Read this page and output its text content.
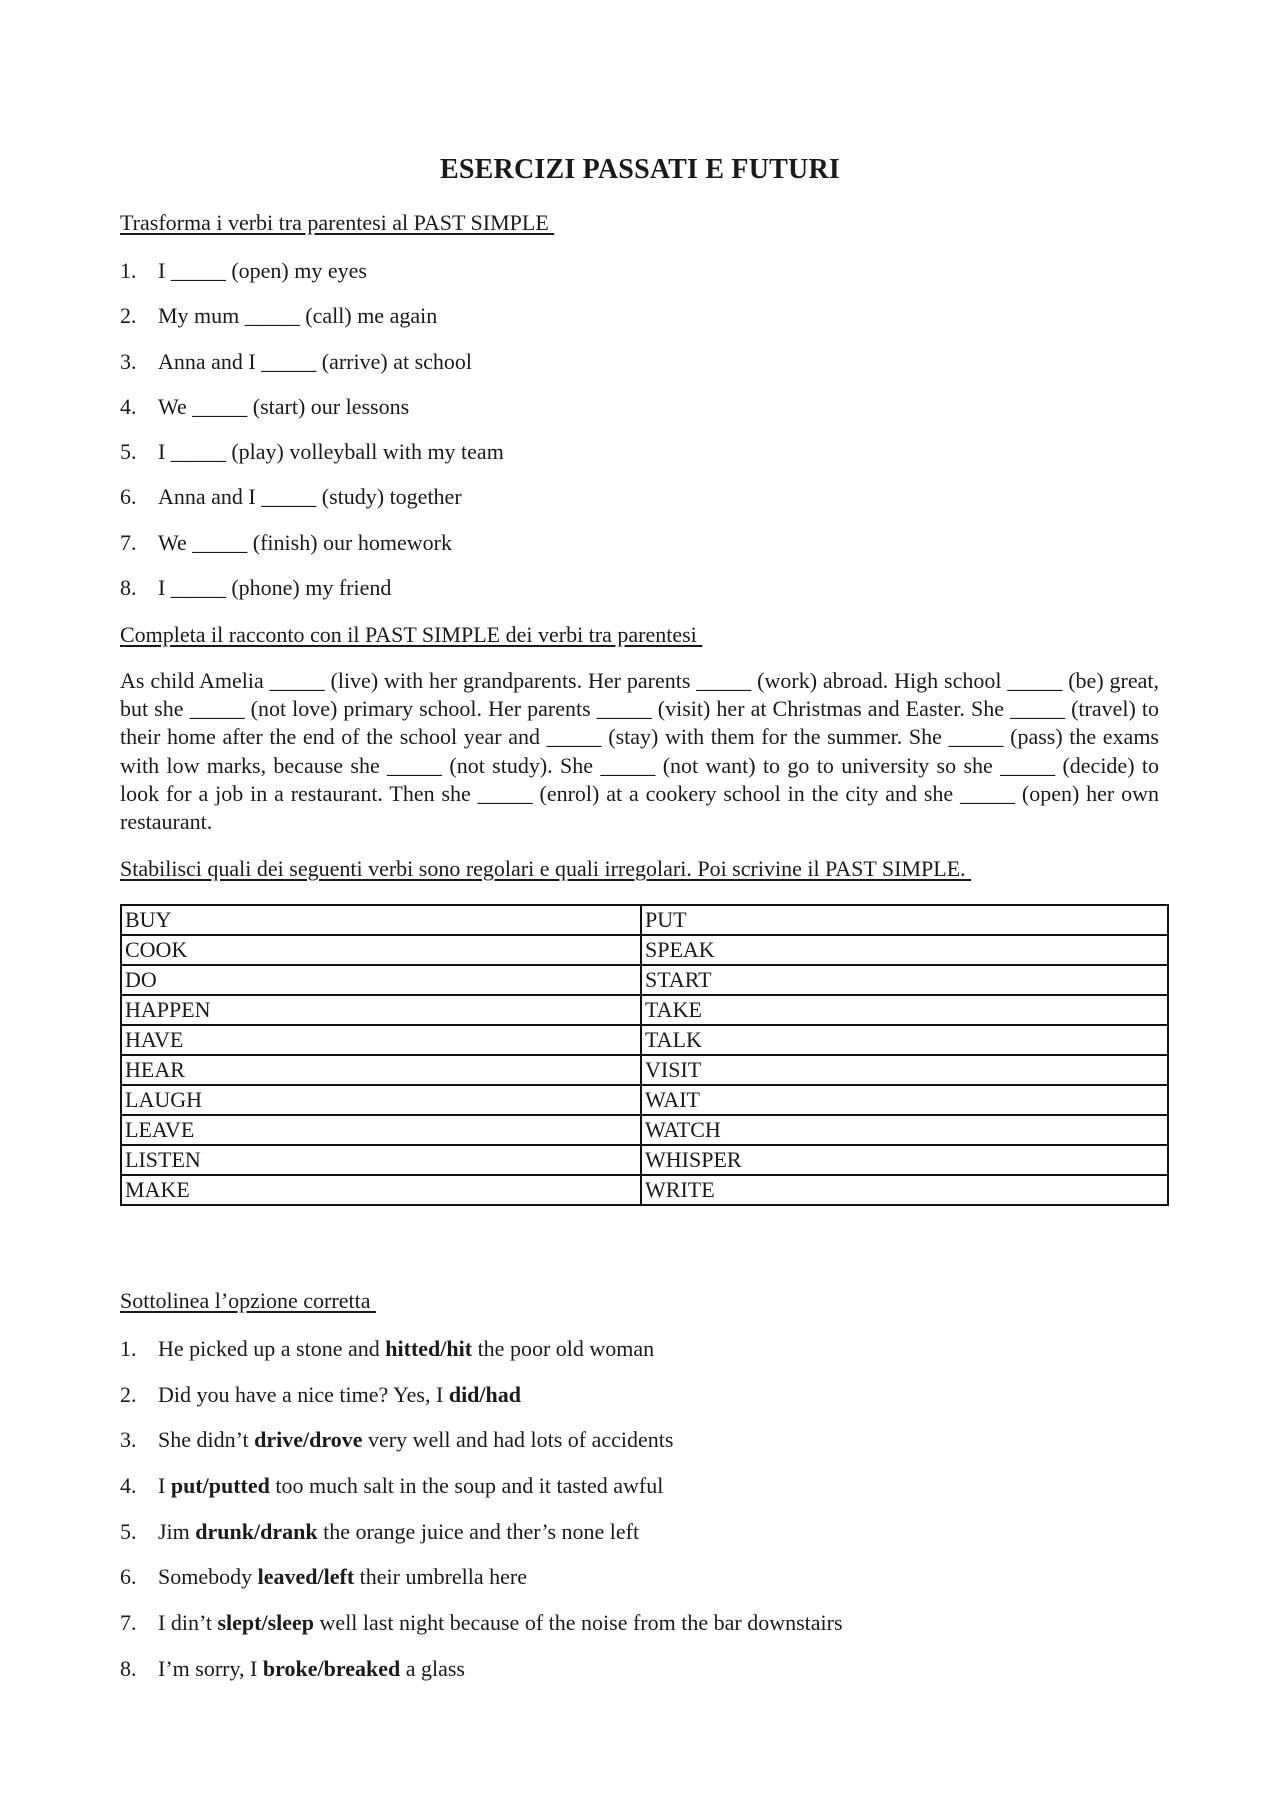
ESERCIZI PASSATI E FUTURI
Trasforma i verbi tra parentesi al PAST SIMPLE
1. I _____ (open) my eyes
2. My mum _____ (call) me again
3. Anna and I _____ (arrive) at school
4. We _____ (start) our lessons
5. I _____ (play) volleyball with my team
6. Anna and I _____ (study) together
7. We _____ (finish) our homework
8. I _____ (phone) my friend
Completa il racconto con il PAST SIMPLE dei verbi tra parentesi

As child Amelia _____ (live) with her grandparents. Her parents _____ (work) abroad. High school _____ (be) great, but she _____ (not love) primary school. Her parents _____ (visit) her at Christmas and Easter. She _____ (travel) to their home after the end of the school year and _____ (stay) with them for the summer. She _____ (pass) the exams with low marks, because she _____ (not study). She _____ (not want) to go to university so she _____ (decide) to look for a job in a restaurant. Then she _____ (enrol) at a cookery school in the city and she _____ (open) her own restaurant.

Stabilisci quali dei seguenti verbi sono regolari e quali irregolari. Poi scrivine il PAST SIMPLE.
BUY	PUT
COOK	SPEAK
DO	START
HAPPEN	TAKE
HAVE	TALK
HEAR	VISIT
LAUGH	WAIT
LEAVE	WATCH
LISTEN	WHISPER
MAKE	WRITE
Sottolinea l’opzione corretta
1. He picked up a stone and hitted/hit the poor old woman
2. Did you have a nice time? Yes, I did/had
3. She didn’t drive/drove very well and had lots of accidents
4. I put/putted too much salt in the soup and it tasted awful
5. Jim drunk/drank the orange juice and ther’s none left
6. Somebody leaved/left their umbrella here
7. I din’t slept/sleep well last night because of the noise from the bar downstairs
8. I’m sorry, I broke/breaked a glass
